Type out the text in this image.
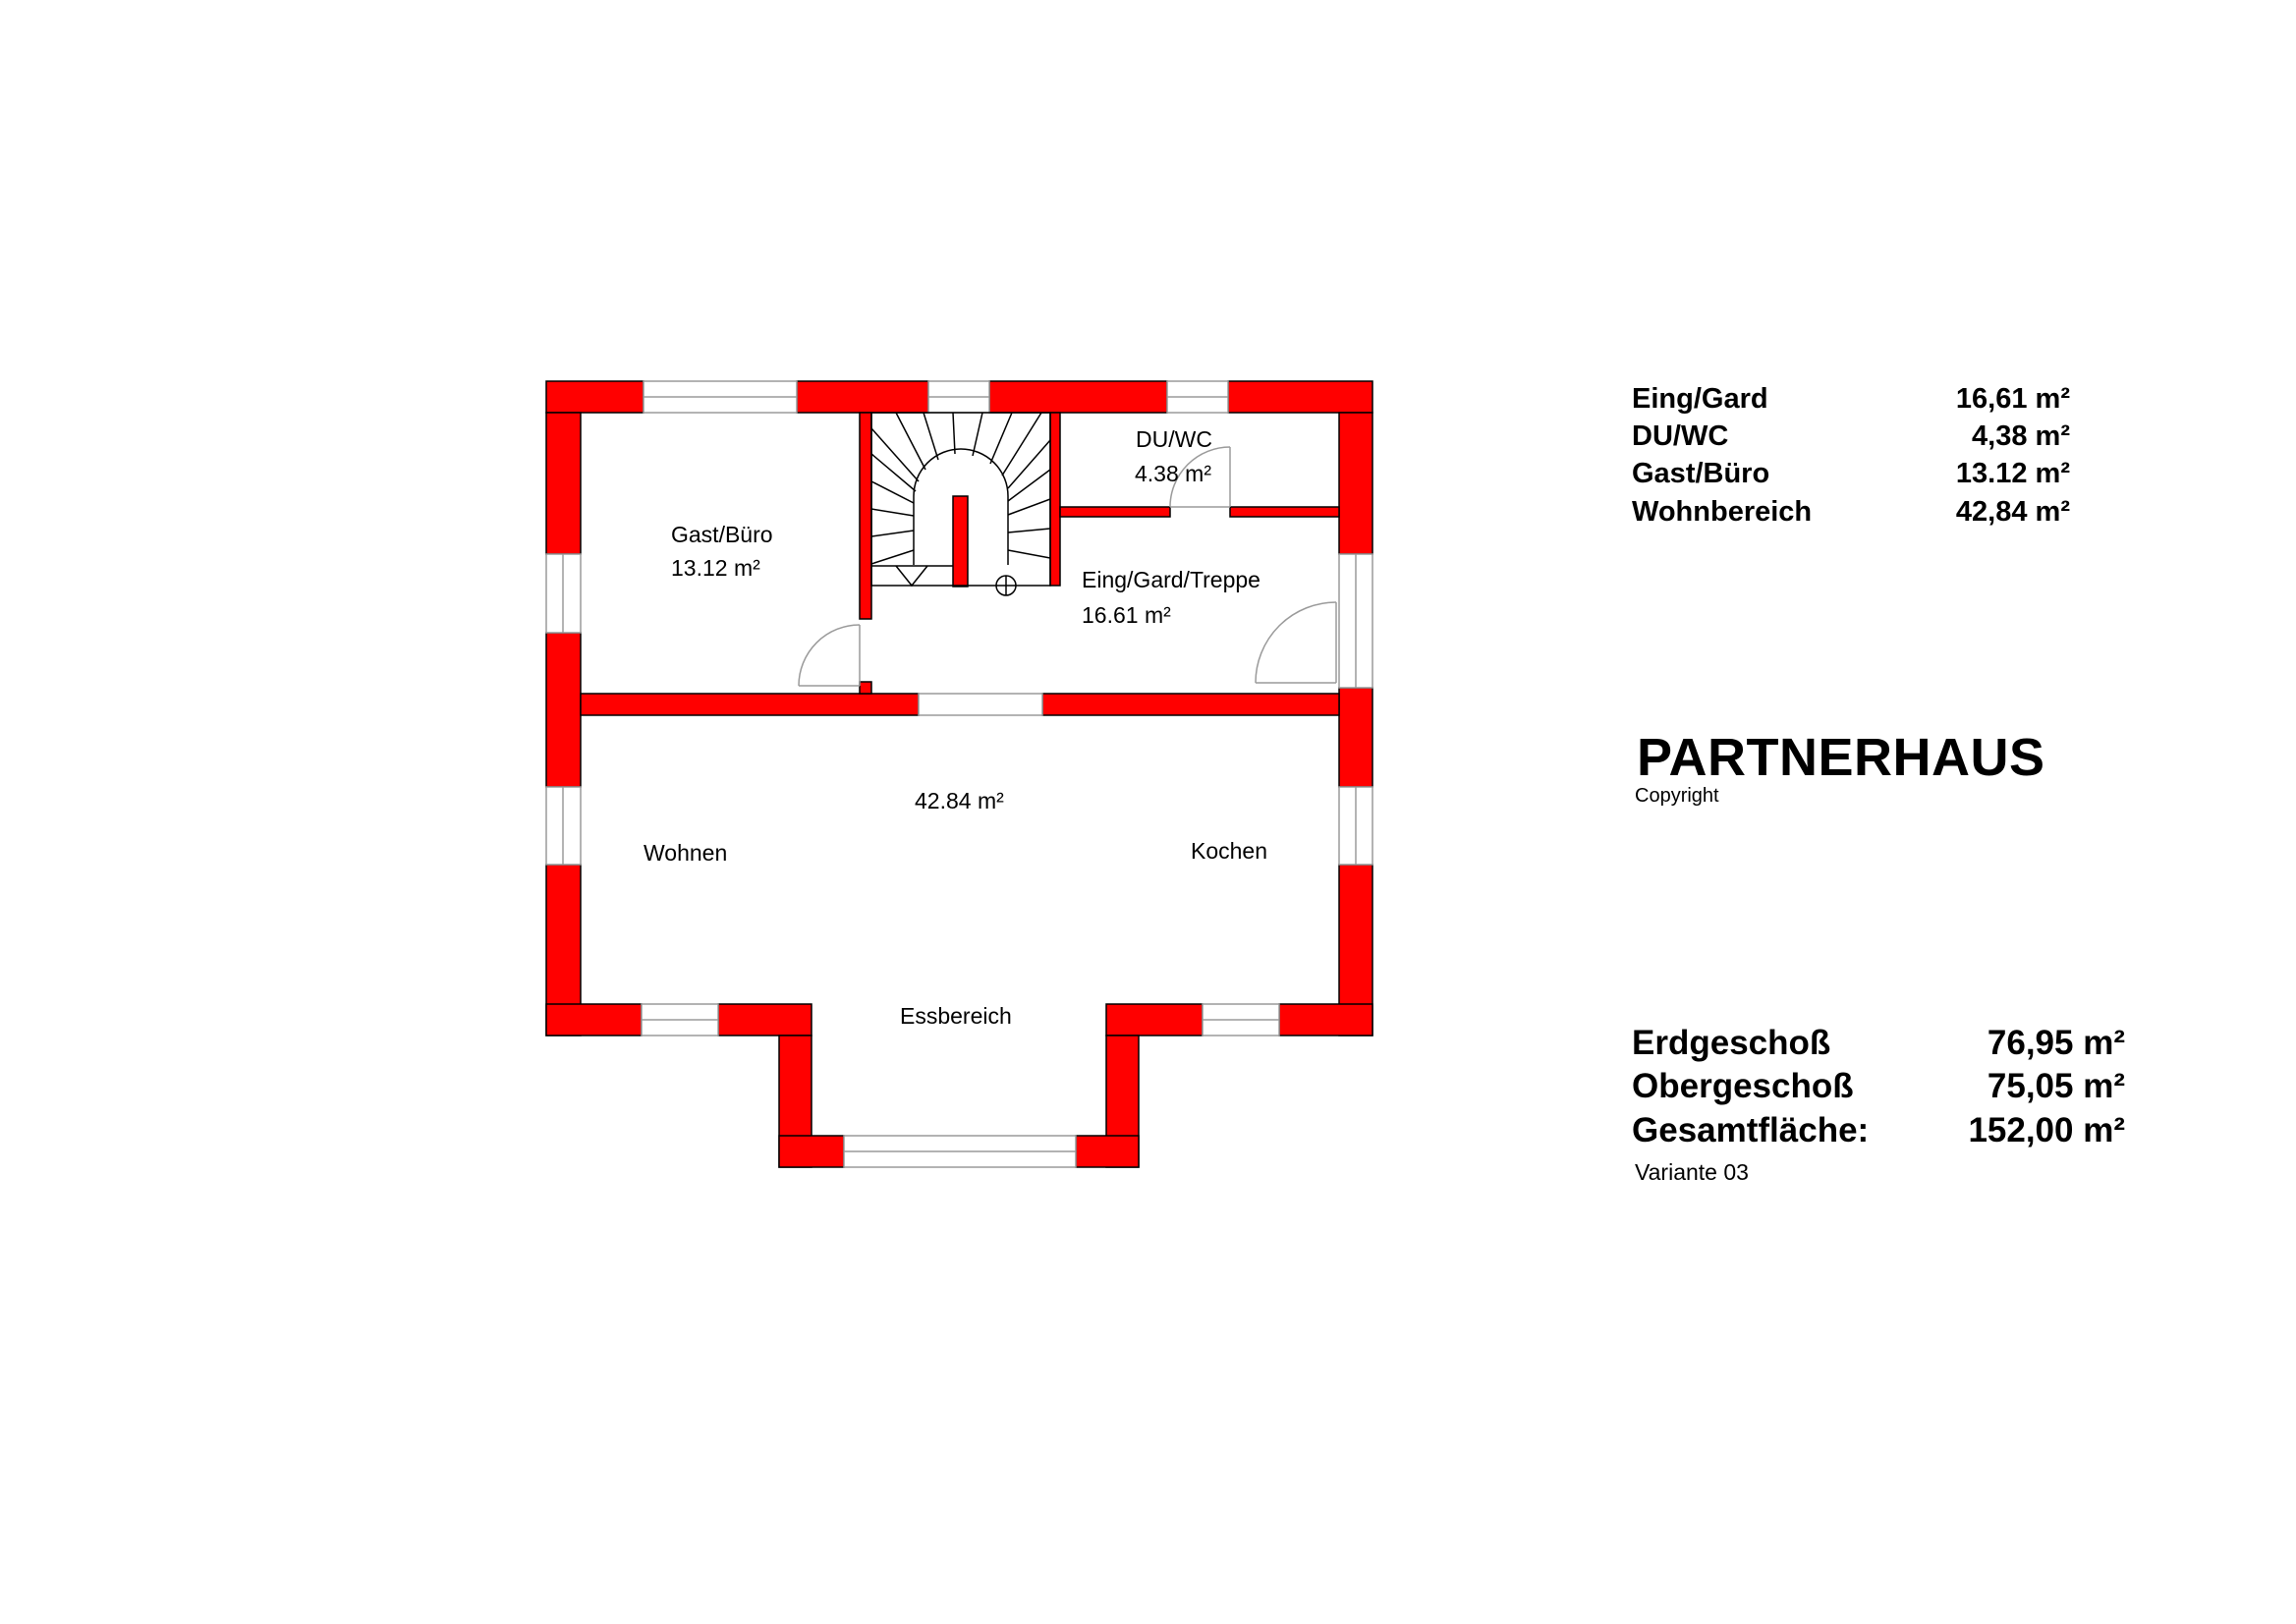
Gast/Büro
13.12 m²
DU/WC
4.38 m²
Eing/Gard/Treppe
16.61 m²
42.84 m²
Wohnen	Kochen
Essbereich
Eing/Gard	16,61 m²
DU/WC	4,38 m²
Gast/Büro	13.12 m²
Wohnbereich	42,84 m²
PARTNERHAUS
Copyright
Erdgeschoß	76,95 m²
Obergeschoß	75,05 m²
Gesamtfläche:	152,00 m²
Variante 03
